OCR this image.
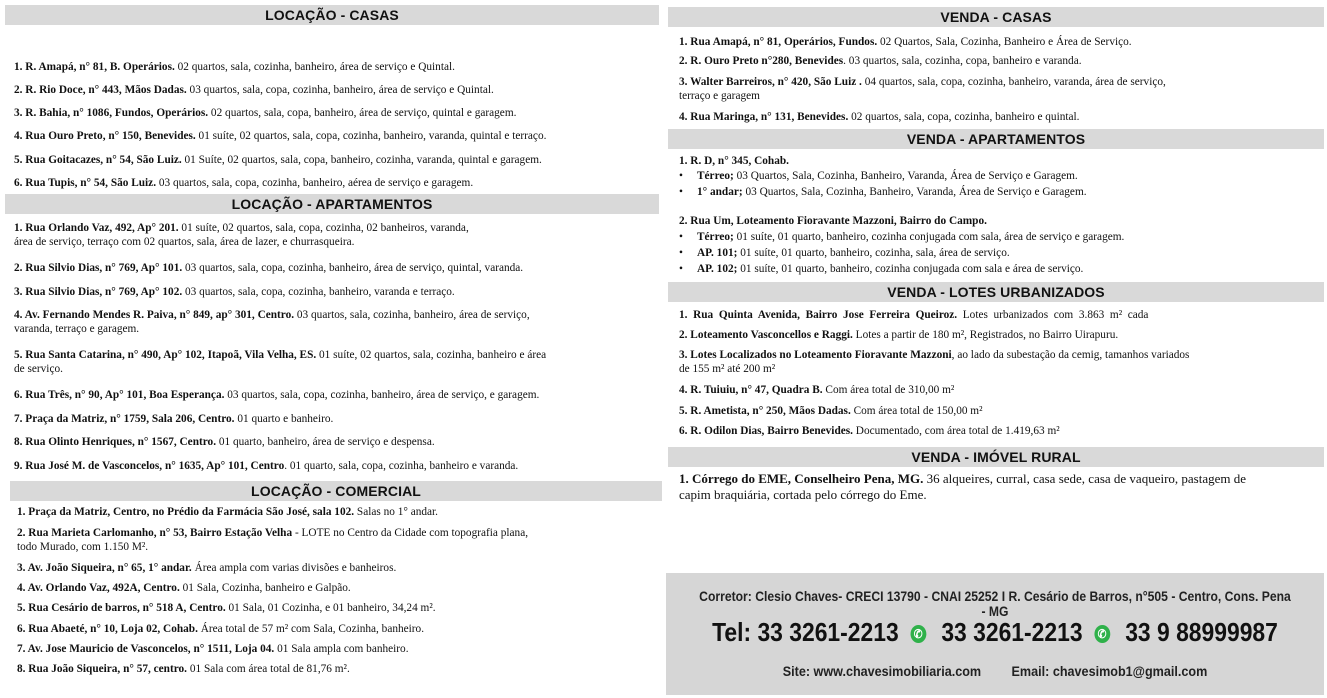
LOCAÇÃO - CASAS
1. R. Amapá, n° 81, B. Operários. 02 quartos, sala, cozinha, banheiro, área de serviço e Quintal.
2. R. Rio Doce, n° 443, Mãos Dadas. 03 quartos, sala, copa, cozinha, banheiro, área de serviço e Quintal.
3. R. Bahia, n° 1086, Fundos, Operários. 02 quartos, sala, copa, banheiro, área de serviço, quintal e garagem.
4. Rua Ouro Preto, n° 150, Benevides. 01 suíte, 02 quartos, sala, copa, cozinha, banheiro, varanda, quintal e terraço.
5. Rua Goitacazes, n° 54, São Luiz. 01 Suíte, 02 quartos, sala, copa, banheiro, cozinha, varanda, quintal e garagem.
6. Rua Tupis, n° 54, São Luiz. 03 quartos, sala, copa, cozinha, banheiro, aérea de serviço e garagem.
LOCAÇÃO - APARTAMENTOS
1. Rua Orlando Vaz, 492, Ap° 201. 01 suíte, 02 quartos, sala, copa, cozinha, 02 banheiros, varanda,
área de serviço, terraço com 02 quartos, sala, área de lazer, e churrasqueira.
2. Rua Silvio Dias, n° 769, Ap° 101. 03 quartos, sala, copa, cozinha, banheiro, área de serviço, quintal, varanda.
3. Rua Silvio Dias, n° 769, Ap° 102. 03 quartos, sala, copa, cozinha, banheiro, varanda e terraço.
4. Av. Fernando Mendes R. Paiva, n° 849, ap° 301, Centro. 03 quartos, sala, cozinha, banheiro, área de serviço,
varanda, terraço e garagem.
5. Rua Santa Catarina, n° 490, Ap° 102, Itapoã, Vila Velha, ES. 01 suíte, 02 quartos, sala, cozinha, banheiro e área
de serviço.
6. Rua Três, n° 90, Ap° 101, Boa Esperança. 03 quartos, sala, copa, cozinha, banheiro, área de serviço, e garagem.
7. Praça da Matriz, n° 1759, Sala 206, Centro. 01 quarto e banheiro.
8. Rua Olinto Henriques, n° 1567, Centro. 01 quarto, banheiro, área de serviço e despensa.
9. Rua José M. de Vasconcelos, n° 1635, Ap° 101, Centro. 01 quarto, sala, copa, cozinha, banheiro e varanda.
LOCAÇÃO - COMERCIAL
1. Praça da Matriz, Centro, no Prédio da Farmácia São José, sala 102. Salas no 1° andar.
2. Rua Marieta Carlomanho, n° 53, Bairro Estação Velha - LOTE no Centro da Cidade com topografia plana,
todo Murado, com 1.150 M².
3. Av. João Siqueira, n° 65, 1° andar. Área ampla com varias divisões e banheiros.
4. Av. Orlando Vaz, 492A, Centro. 01 Sala, Cozinha, banheiro e Galpão.
5. Rua Cesário de barros, n° 518 A, Centro. 01 Sala, 01 Cozinha, e 01 banheiro, 34,24 m².
6. Rua Abaeté, n° 10, Loja 02, Cohab. Área total de 57 m² com Sala, Cozinha, banheiro.
7. Av. Jose Mauricio de Vasconcelos, n° 1511, Loja 04. 01 Sala ampla com banheiro.
8. Rua João Siqueira, n° 57, centro. 01 Sala com área total de 81,76 m².
VENDA - CASAS
1. Rua Amapá, n° 81, Operários, Fundos. 02 Quartos, Sala, Cozinha, Banheiro e Área de Serviço.
2. R. Ouro Preto n°280, Benevides. 03 quartos, sala, cozinha, copa, banheiro e varanda.
3. Walter Barreiros, n° 420, São Luiz . 04 quartos, sala, copa, cozinha, banheiro, varanda, área de serviço,
terraço e garagem
4. Rua Maringa, n° 131, Benevides. 02 quartos, sala, copa, cozinha, banheiro e quintal.
VENDA - APARTAMENTOS
1. R. D, n° 345, Cohab.
• Térreo; 03 Quartos, Sala, Cozinha, Banheiro, Varanda, Área de Serviço e Garagem.
• 1° andar; 03 Quartos, Sala, Cozinha, Banheiro, Varanda, Área de Serviço e Garagem.
2. Rua Um, Loteamento Fioravante Mazzoni, Bairro do Campo.
• Térreo; 01 suíte, 01 quarto, banheiro, cozinha conjugada com sala, área de serviço e garagem.
• AP. 101; 01 suíte, 01 quarto, banheiro, cozinha, sala, área de serviço.
• AP. 102; 01 suíte, 01 quarto, banheiro, cozinha conjugada com sala e área de serviço.
VENDA - LOTES URBANIZADOS
1.  Rua  Quinta  Avenida,  Bairro  Jose  Ferreira  Queiroz.  Lotes  urbanizados  com  3.863  m²  cada
2. Loteamento Vasconcellos e Raggi. Lotes a partir de 180 m², Registrados, no Bairro Uirapuru.
3. Lotes Localizados no Loteamento Fioravante Mazzoni, ao lado da subestação da cemig, tamanhos variados
de 155 m² até 200 m²
4. R. Tuiuiu, n° 47, Quadra B. Com área total de 310,00 m²
5. R. Ametista, n° 250, Mãos Dadas. Com área total de 150,00 m²
6. R. Odilon Dias, Bairro Benevides. Documentado, com área total de 1.419,63 m²
VENDA - IMÓVEL RURAL
1. Córrego do EME, Conselheiro Pena, MG. 36 alqueires, curral, casa sede, casa de vaqueiro, pastagem de
capim braquiária, cortada pelo córrego do Eme.
Corretor: Clesio Chaves- CRECI 13790 - CNAI 25252 I R. Cesário de Barros, n°505 - Centro, Cons. Pena - MG
Tel: 33 3261-2213 ✆ 33 3261-2213 ✆ 33 9 88999987
Site: www.chavesimobiliaria.com Email: chavesimob1@gmail.com
